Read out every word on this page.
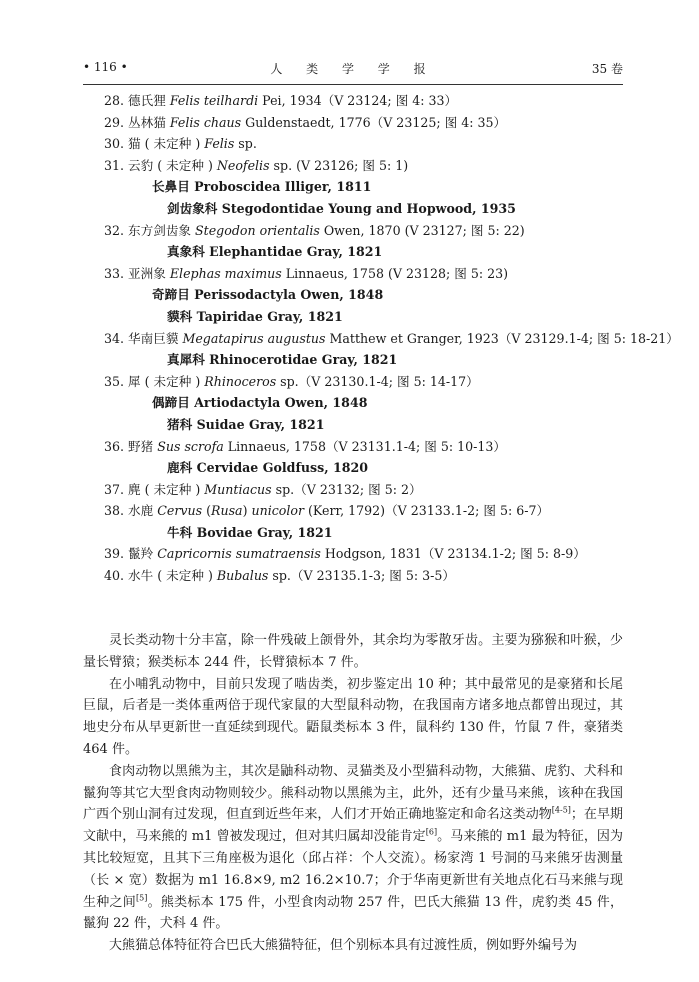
• 116 •	人 类 学 学 报	35 卷
28. 德氏狸 Felis teilhardi Pei, 1934（V 23124; 图 4: 33）
29. 丛林猫 Felis chaus Guldenstaedt, 1776（V 23125; 图 4: 35）
30. 猫 ( 未定种 ) Felis sp.
31. 云豹 ( 未定种 ) Neofelis sp. (V 23126; 图 5: 1)
长鼻目 Proboscidea Illiger, 1811
剑齿象科 Stegodontidae Young and Hopwood, 1935
32. 东方剑齿象 Stegodon orientalis Owen, 1870 (V 23127; 图 5: 22)
真象科 Elephantidae Gray, 1821
33. 亚洲象 Elephas maximus Linnaeus, 1758 (V 23128; 图 5: 23)
奇蹄目 Perissodactyla Owen, 1848
貘科 Tapiridae Gray, 1821
34. 华南巨貘 Megatapirus augustus Matthew et Granger, 1923（V 23129.1-4; 图 5: 18-21）
真犀科 Rhinocerotidae Gray, 1821
35. 犀 ( 未定种 ) Rhinoceros sp.（V 23130.1-4; 图 5: 14-17）
偶蹄目 Artiodactyla Owen, 1848
猪科 Suidae Gray, 1821
36. 野猪 Sus scrofa Linnaeus, 1758（V 23131.1-4; 图 5: 10-13）
鹿科 Cervidae Goldfuss, 1820
37. 麂 ( 未定种 ) Muntiacus sp.（V 23132; 图 5: 2）
38. 水鹿 Cervus (Rusa) unicolor (Kerr, 1792)（V 23133.1-2; 图 5: 6-7）
牛科 Bovidae Gray, 1821
39. 鬣羚 Capricornis sumatraensis Hodgson, 1831（V 23134.1-2; 图 5: 8-9）
40. 水牛 ( 未定种 ) Bubalus sp.（V 23135.1-3; 图 5: 3-5）

灵长类动物十分丰富，除一件残破上颌骨外，其余均为零散牙齿。主要为猕猴和叶猴，少量长臂猿；猴类标本 244 件，长臂猿标本 7 件。

在小哺乳动物中，目前只发现了啮齿类，初步鉴定出 10 种；其中最常见的是豪猪和长尾巨鼠，后者是一类体重两倍于现代家鼠的大型鼠科动物，在我国南方诸多地点都曾出现过，其地史分布从早更新世一直延续到现代。鼯鼠类标本 3 件，鼠科约 130 件，竹鼠 7 件，豪猪类 464 件。

食肉动物以黑熊为主，其次是鼬科动物、灵猫类及小型猫科动物，大熊猫、虎豹、犬科和鬣狗等其它大型食肉动物则较少。熊科动物以黑熊为主，此外，还有少量马来熊，该种在我国广西个别山洞有过发现，但直到近些年来，人们才开始正确地鉴定和命名这类动物[4-5]；在早期文献中，马来熊的 m1 曾被发现过，但对其归属却没能肯定[6]。马来熊的 m1 最为特征，因为其比较短宽，且其下三角座极为退化（邱占祥：个人交流）。杨家湾 1 号洞的马来熊牙齿测量（长 × 宽）数据为 m1 16.8×9, m2 16.2×10.7；介于华南更新世有关地点化石马来熊与现生种之间[5]。熊类标本 175 件，小型食肉动物 257 件，巴氏大熊猫 13 件，虎豹类 45 件，鬣狗 22 件，犬科 4 件。

大熊猫总体特征符合巴氏大熊猫特征，但个别标本具有过渡性质，例如野外编号为
